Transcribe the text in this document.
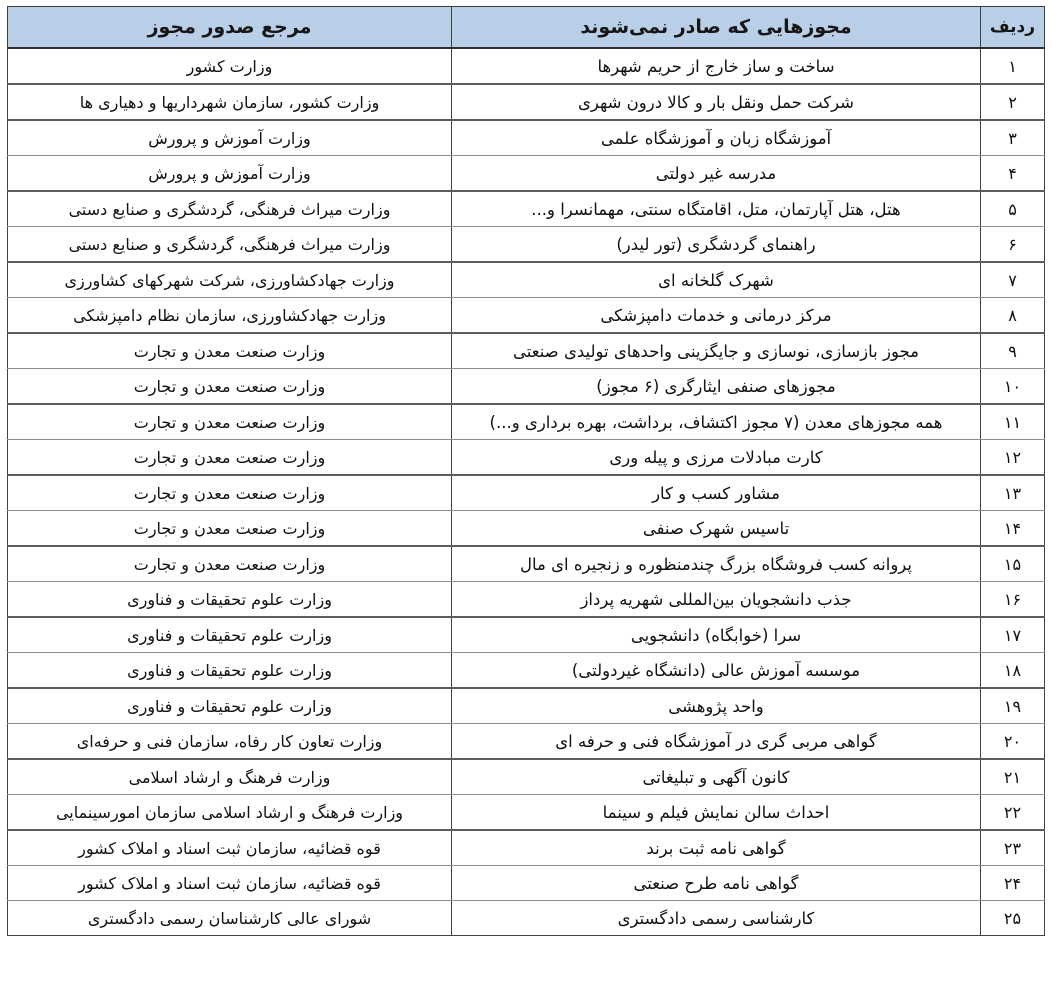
ردیف	مجوزهایی که صادر نمی‌شوند	مرجع صدور مجوز
۱	ساخت و ساز خارج از حریم شهرها	وزارت کشور
۲	شرکت حمل ونقل بار و کالا درون شهری	وزارت کشور، سازمان شهرداریها و دهیاری ها
۳	آموزشگاه زبان و آموزشگاه علمی	وزارت آموزش و پرورش
۴	مدرسه غیر دولتی	وزارت آموزش و پرورش
۵	هتل، هتل آپارتمان، متل، اقامتگاه سنتی، مهمانسرا و...	وزارت میراث فرهنگی، گردشگری و صنایع دستی
۶	راهنمای گردشگری (تور لیدر)	وزارت میراث فرهنگی، گردشگری و صنایع دستی
۷	شهرک گلخانه ای	وزارت جهادکشاورزی، شرکت شهرکهای کشاورزی
۸	مرکز درمانی و خدمات دامپزشکی	وزارت جهادکشاورزی، سازمان نظام دامپزشکی
۹	مجوز بازسازی، نوسازی و جایگزینی واحدهای تولیدی صنعتی	وزارت صنعت معدن و تجارت
۱۰	مجوزهای صنفی ایثارگری (۶ مجوز)	وزارت صنعت معدن و تجارت
۱۱	همه مجوزهای معدن (۷ مجوز اکتشاف، برداشت، بهره برداری و...)	وزارت صنعت معدن و تجارت
۱۲	کارت مبادلات مرزی و پیله وری	وزارت صنعت معدن و تجارت
۱۳	مشاور کسب و کار	وزارت صنعت معدن و تجارت
۱۴	تاسیس شهرک صنفی	وزارت صنعت معدن و تجارت
۱۵	پروانه کسب فروشگاه بزرگ چندمنظوره و زنجیره ای مال	وزارت صنعت معدن و تجارت
۱۶	جذب دانشجویان بین‌المللی شهریه پرداز	وزارت علوم تحقیقات و فناوری
۱۷	سرا (خوابگاه) دانشجویی	وزارت علوم تحقیقات و فناوری
۱۸	موسسه آموزش عالی (دانشگاه غیردولتی)	وزارت علوم تحقیقات و فناوری
۱۹	واحد پژوهشی	وزارت علوم تحقیقات و فناوری
۲۰	گواهی مربی گری در آموزشگاه فنی و حرفه ای	وزارت تعاون کار رفاه، سازمان فنی و حرفه‌ای
۲۱	کانون آگهی و تبلیغاتی	وزارت فرهنگ و ارشاد اسلامی
۲۲	احداث سالن نمایش فیلم و سینما	وزارت فرهنگ و ارشاد اسلامی سازمان امورسینمایی
۲۳	گواهی نامه ثبت برند	قوه قضائیه، سازمان ثبت اسناد و املاک کشور
۲۴	گواهی نامه طرح صنعتی	قوه قضائیه، سازمان ثبت اسناد و املاک کشور
۲۵	کارشناسی رسمی دادگستری	شورای عالی کارشناسان رسمی دادگستری
